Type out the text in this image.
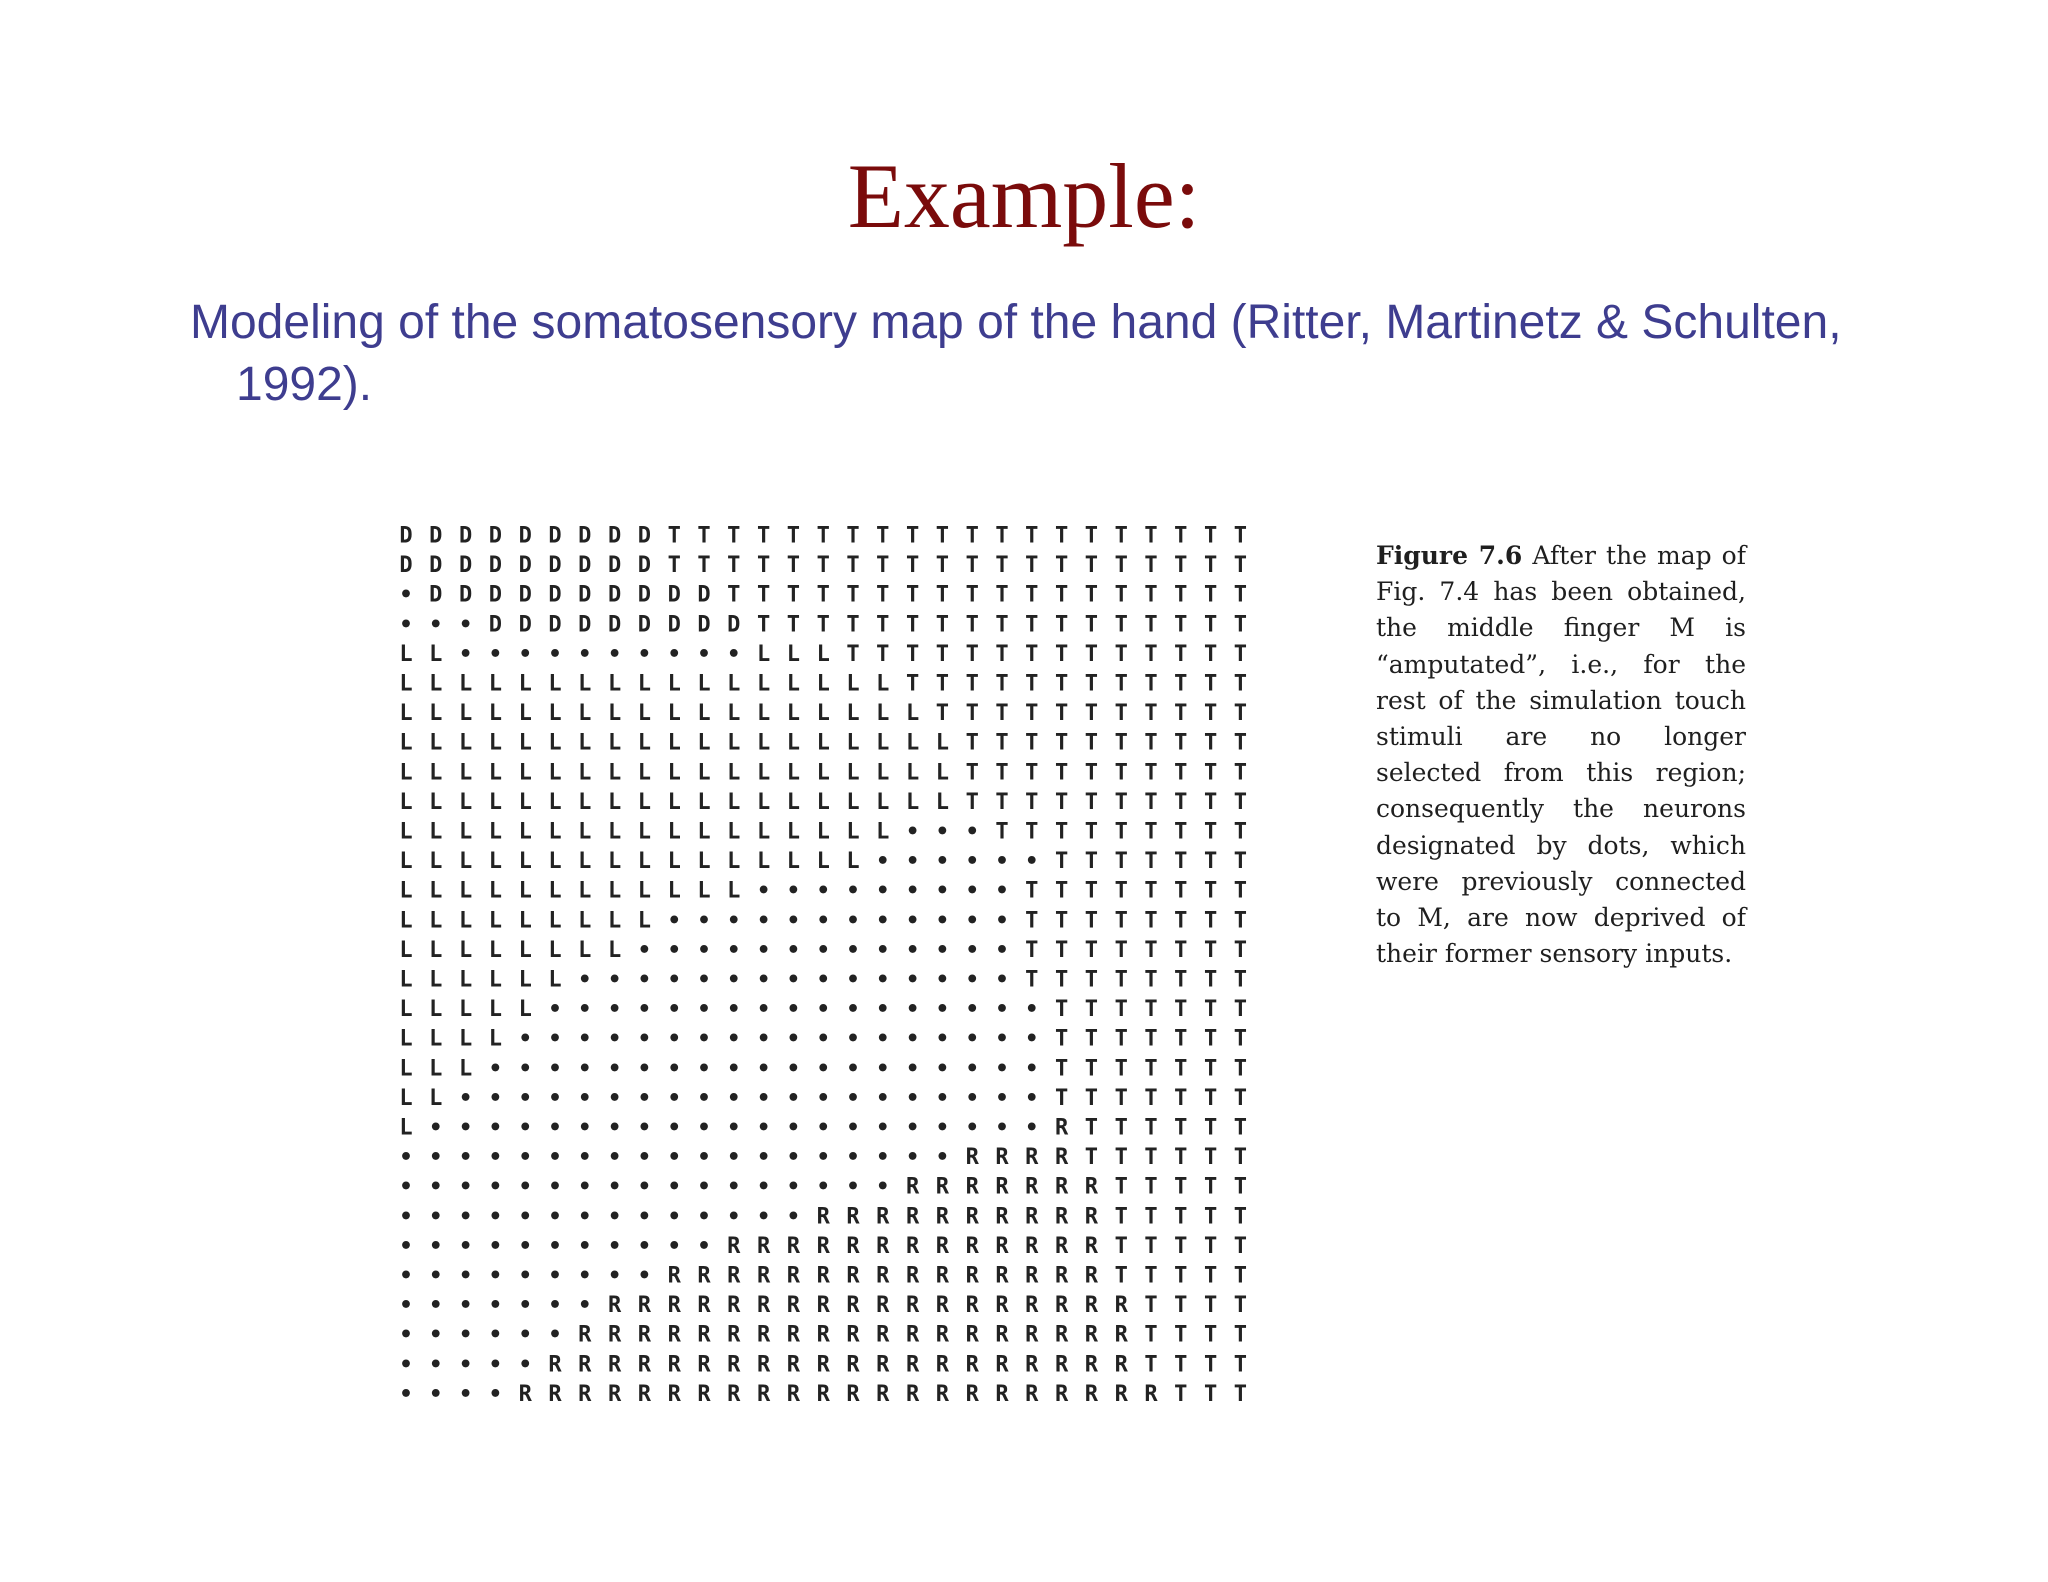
Example:
Modeling of the somatosensory map of the hand (Ritter, Martinetz & Schulten, 1992).
D D D D D D D D D T T T T T T T T T T T T T T T T T T T T
D D D D D D D D D T T T T T T T T T T T T T T T T T T T T
• D D D D D D D D D D T T T T T T T T T T T T T T T T T T
• • • D D D D D D D D D T T T T T T T T T T T T T T T T T
L L • • • • • • • • • • L L L T T T T T T T T T T T T T T
L L L L L L L L L L L L L L L L L T T T T T T T T T T T T
L L L L L L L L L L L L L L L L L L T T T T T T T T T T T
L L L L L L L L L L L L L L L L L L L T T T T T T T T T T
L L L L L L L L L L L L L L L L L L L T T T T T T T T T T
L L L L L L L L L L L L L L L L L L L T T T T T T T T T T
L L L L L L L L L L L L L L L L L • • • T T T T T T T T T
L L L L L L L L L L L L L L L L • • • • • • T T T T T T T
L L L L L L L L L L L L • • • • • • • • • T T T T T T T T
L L L L L L L L L • • • • • • • • • • • • T T T T T T T T
L L L L L L L L • • • • • • • • • • • • • T T T T T T T T
L L L L L L • • • • • • • • • • • • • • • T T T T T T T T
L L L L L • • • • • • • • • • • • • • • • • T T T T T T T
L L L L • • • • • • • • • • • • • • • • • • T T T T T T T
L L L • • • • • • • • • • • • • • • • • • • T T T T T T T
L L • • • • • • • • • • • • • • • • • • • • T T T T T T T
L • • • • • • • • • • • • • • • • • • • • • R T T T T T T
• • • • • • • • • • • • • • • • • • • R R R R T T T T T T
• • • • • • • • • • • • • • • • • R R R R R R R T T T T T
• • • • • • • • • • • • • • R R R R R R R R R R T T T T T
• • • • • • • • • • • R R R R R R R R R R R R R T T T T T
• • • • • • • • • R R R R R R R R R R R R R R R T T T T T
• • • • • • • R R R R R R R R R R R R R R R R R R T T T T
• • • • • • R R R R R R R R R R R R R R R R R R R T T T T
• • • • • R R R R R R R R R R R R R R R R R R R R T T T T
• • • • R R R R R R R R R R R R R R R R R R R R R R T T T
Figure 7.6 After the map of Fig. 7.4 has been obtained, the middle finger M is “amputated”, i.e., for the rest of the simulation touch stimuli are no longer selected from this region; consequently the neurons designated by dots, which were previously connected to M, are now deprived of their former sensory inputs.
